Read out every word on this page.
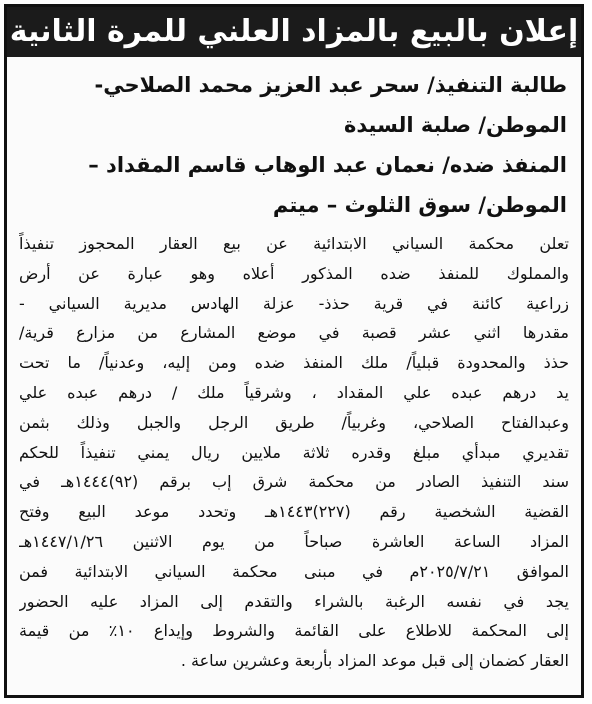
إعلان بالبيع بالمزاد العلني للمرة الثانية
طالبة التنفيذ/ سحر عبد العزيز محمد الصلاحي-
الموطن/ صلبة السيدة
المنفذ ضده/ نعمان عبد الوهاب قاسم المقداد –
الموطن/ سوق الثلوث – ميتم
تعلن محكمة السياني الابتدائية عن بيع العقار المحجوز تنفيذاً
والمملوك للمنفذ ضده المذكور أعلاه وهو عبارة عن أرض
زراعية كائنة في قرية حذذ- عزلة الهادس مديرية السياني -
مقدرها اثني عشر قصبة في موضع المشارع من مزارع قرية/
حذذ والمحدودة قبلياً/ ملك المنفذ ضده ومن إليه، وعدنياً/ ما تحت
يد درهم عبده علي المقداد ، وشرقياً ملك / درهم عبده علي
وعبدالفتاح الصلاحي، وغربياً/ طريق الرجل والجبل وذلك بثمن
تقديري مبدأي مبلغ وقدره ثلاثة ملايين ريال يمني تنفيذاً للحكم
سند التنفيذ الصادر من محكمة شرق إب برقم (٩٢)١٤٤٤هـ في
القضية الشخصية رقم (٢٢٧)١٤٤٣هـ وتحدد موعد البيع وفتح
المزاد الساعة العاشرة صباحاً من يوم الاثنين ١٤٤٧/١/٢٦هـ
الموافق ٢٠٢٥/٧/٢١م في مبنى محكمة السياني الابتدائية فمن
يجد في نفسه الرغبة بالشراء والتقدم إلى المزاد عليه الحضور
إلى المحكمة للاطلاع على القائمة والشروط وإيداع ١٠٪ من قيمة
العقار كضمان إلى قبل موعد المزاد بأربعة وعشرين ساعة .
